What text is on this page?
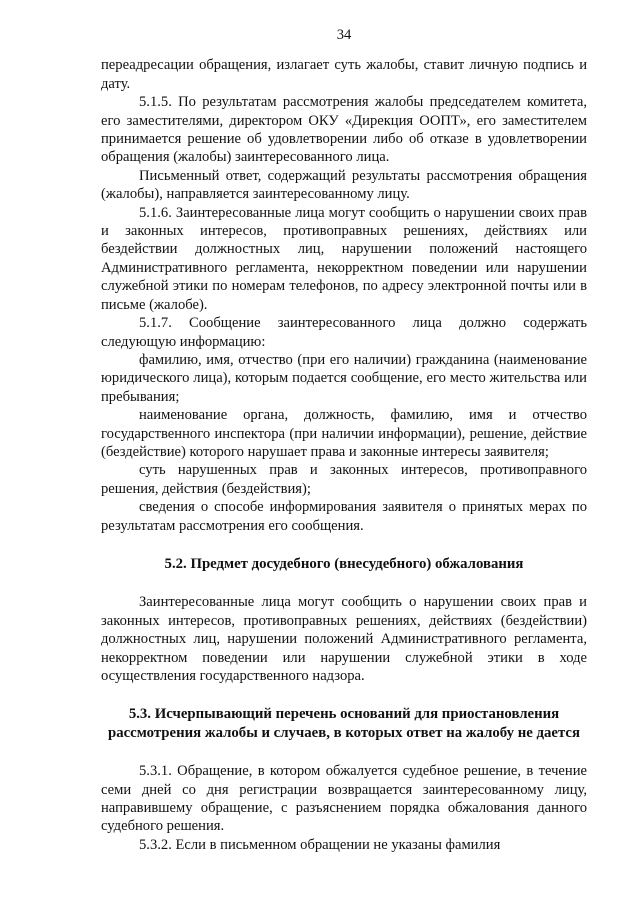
34

переадресации обращения, излагает суть жалобы, ставит личную подпись и дату.

5.1.5. По результатам рассмотрения жалобы председателем комитета, его заместителями, директором ОКУ «Дирекция ООПТ», его заместителем принимается решение об удовлетворении либо об отказе в удовлетворении обращения (жалобы) заинтересованного лица.

Письменный ответ, содержащий результаты рассмотрения обращения (жалобы), направляется заинтересованному лицу.

5.1.6. Заинтересованные лица могут сообщить о нарушении своих прав и законных интересов, противоправных решениях, действиях или бездействии должностных лиц, нарушении положений настоящего Административного регламента, некорректном поведении или нарушении служебной этики по номерам телефонов, по адресу электронной почты или в письме (жалобе).

5.1.7. Сообщение заинтересованного лица должно содержать следующую информацию:

фамилию, имя, отчество (при его наличии) гражданина (наименование юридического лица), которым подается сообщение, его место жительства или пребывания;

наименование органа, должность, фамилию, имя и отчество государственного инспектора (при наличии информации), решение, действие (бездействие) которого нарушает права и законные интересы заявителя;

суть нарушенных прав и законных интересов, противоправного решения, действия (бездействия);

сведения о способе информирования заявителя о принятых мерах по результатам рассмотрения его сообщения.

5.2. Предмет досудебного (внесудебного) обжалования

Заинтересованные лица могут сообщить о нарушении своих прав и законных интересов, противоправных решениях, действиях (бездействии) должностных лиц, нарушении положений Административного регламента, некорректном поведении или нарушении служебной этики в ходе осуществления государственного надзора.

5.3. Исчерпывающий перечень оснований для приостановления

рассмотрения жалобы и случаев, в которых ответ на жалобу не дается

5.3.1. Обращение, в котором обжалуется судебное решение, в течение семи дней со дня регистрации возвращается заинтересованному лицу, направившему обращение, с разъяснением порядка обжалования данного судебного решения.

5.3.2. Если в письменном обращении не указаны фамилия
